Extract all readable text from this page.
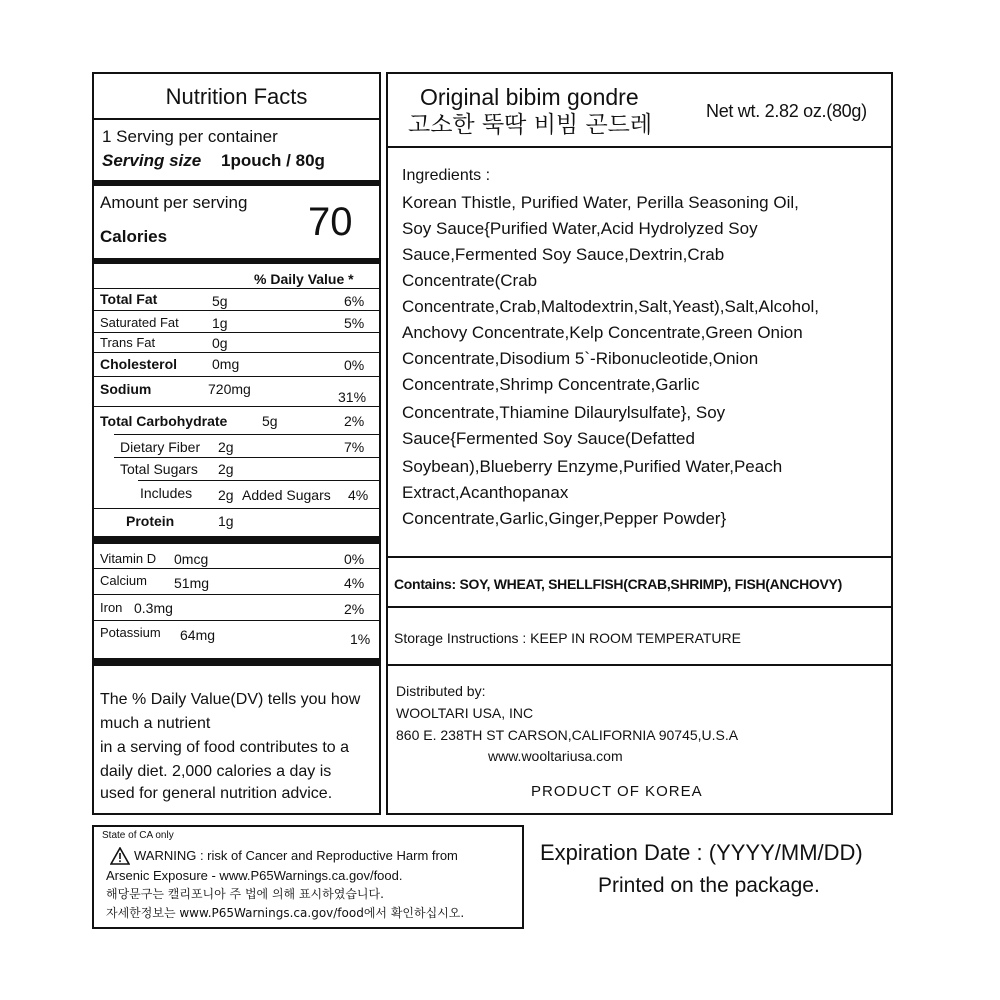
Nutrition Facts
1 Serving per container
Serving size 1pouch / 80g
Amount per serving
Calories	70
% Daily Value *
Total Fat	5g	6%
Saturated Fat 1g	5%
Trans Fat	0g
Cholesterol 0mg	0%
Sodium	720mg	31%
Total Carbohydrate 5g	2%
Dietary Fiber 2g	7%
Total Sugars 2g
Includes 2g Added Sugars 4%
Protein	1g
Vitamin D 0mcg	0%
Calcium 51mg	4%
Iron 0.3mg	2%
Potassium 64mg	1%
The % Daily Value(DV) tells you how
much a nutrient
in a serving of food contributes to a
daily diet. 2,000 calories a day is
used for general nutrition advice.
Original bibim gondre
고소한 뚝딱 비빔 곤드레
Net wt. 2.82 oz.(80g)
Ingredients :
Korean Thistle, Purified Water, Perilla Seasoning Oil,
Soy Sauce{Purified Water,Acid Hydrolyzed Soy
Sauce,Fermented Soy Sauce,Dextrin,Crab
Concentrate(Crab
Concentrate,Crab,Maltodextrin,Salt,Yeast),Salt,Alcohol,
Anchovy Concentrate,Kelp Concentrate,Green Onion
Concentrate,Disodium 5`-Ribonucleotide,Onion
Concentrate,Shrimp Concentrate,Garlic
Concentrate,Thiamine Dilaurylsulfate}, Soy
Sauce{Fermented Soy Sauce(Defatted
Soybean),Blueberry Enzyme,Purified Water,Peach
Extract,Acanthopanax
Concentrate,Garlic,Ginger,Pepper Powder}
Contains: SOY, WHEAT, SHELLFISH(CRAB,SHRIMP), FISH(ANCHOVY)
Storage Instructions : KEEP IN ROOM TEMPERATURE
Distributed by:
WOOLTARI USA, INC
860 E. 238TH ST CARSON,CALIFORNIA 90745,U.S.A
www.wooltariusa.com
PRODUCT OF KOREA
State of CA only
WARNING : risk of Cancer and Reproductive Harm from
Arsenic Exposure - www.P65Warnings.ca.gov/food.
해당문구는 캘리포니아 주 법에 의해 표시하였습니다.
자세한정보는 www.P65Warnings.ca.gov/food에서 확인하십시오.
Expiration Date : (YYYY/MM/DD)
Printed on the package.
